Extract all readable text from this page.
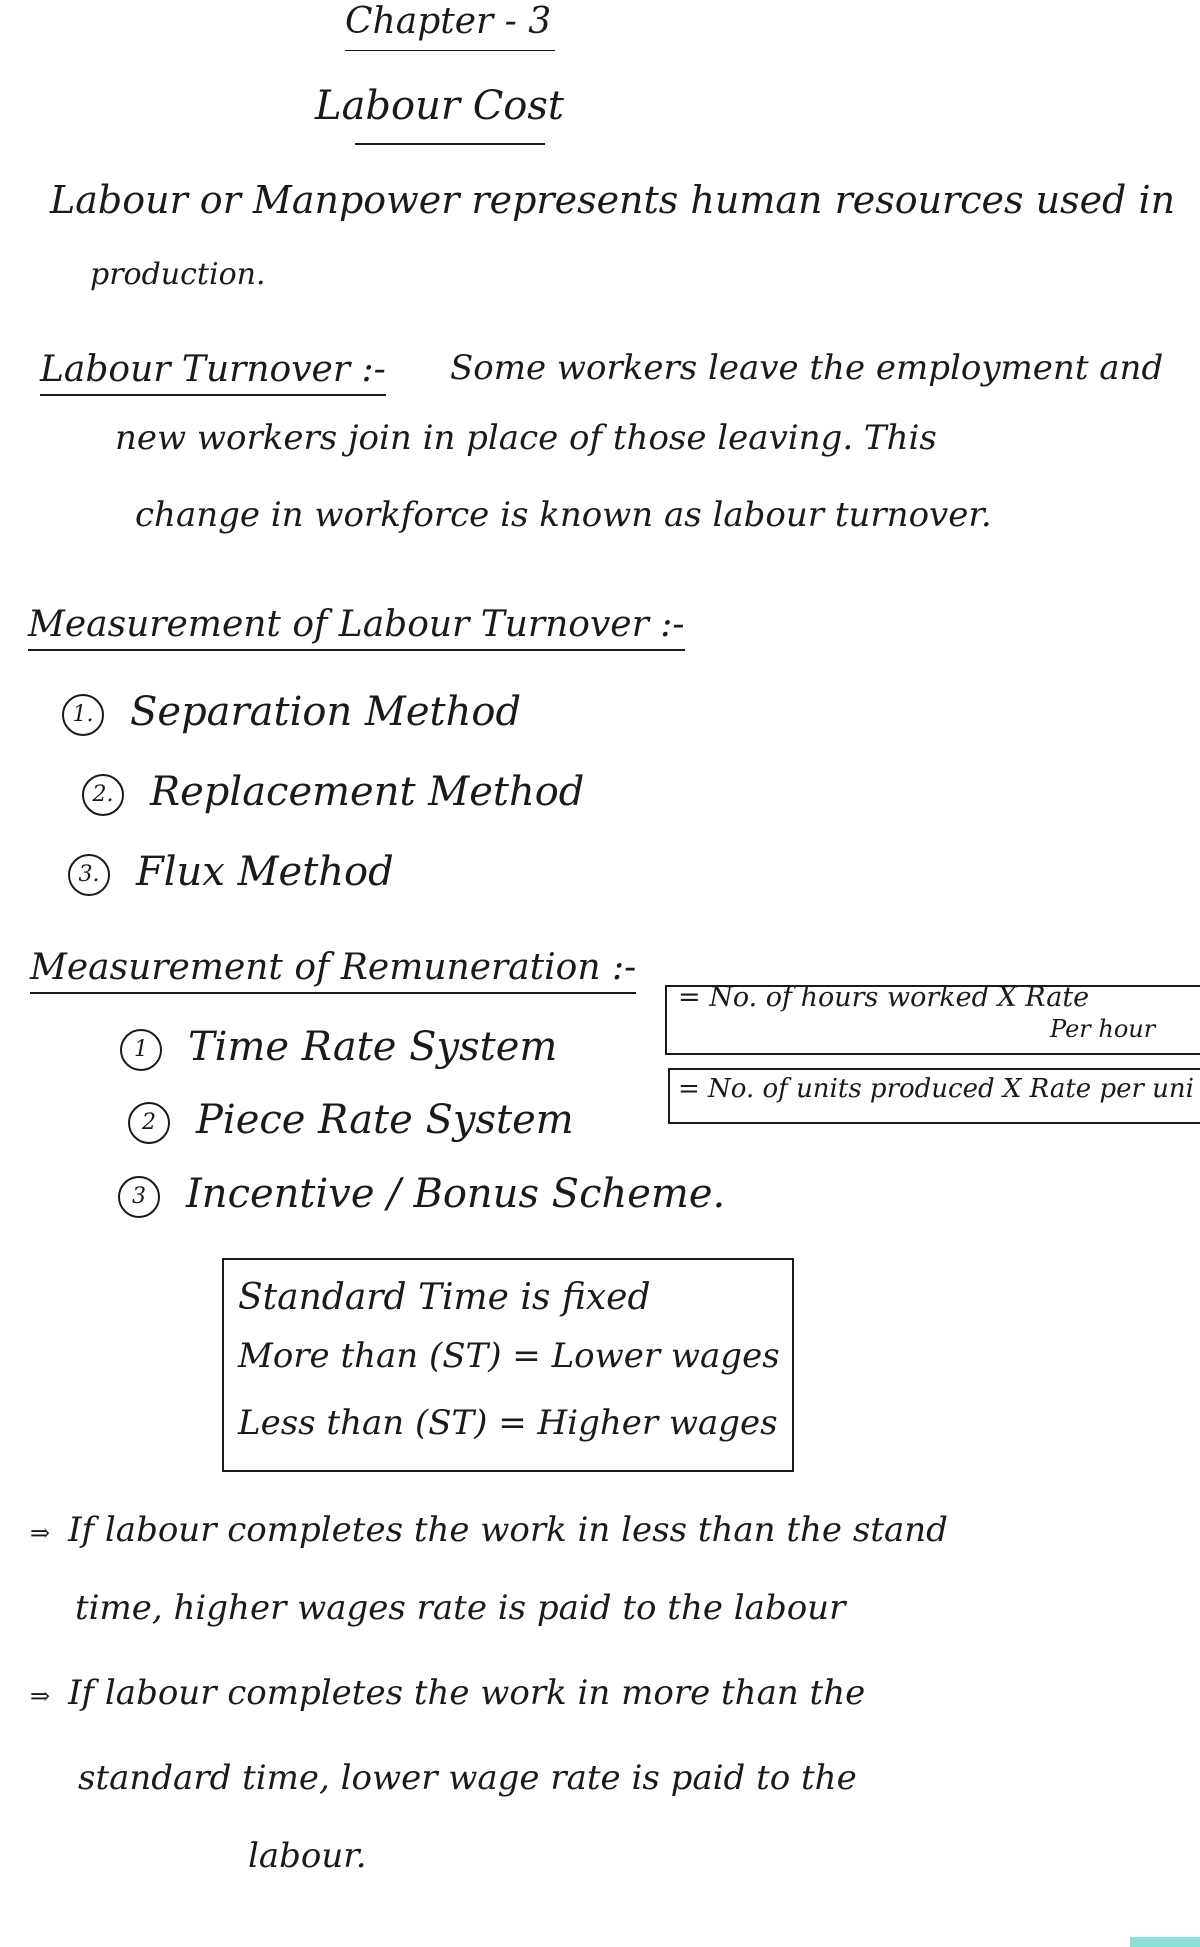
Chapter - 3
Labour Cost
Labour or Manpower represents human resources used in
production.
Labour Turnover :- Some workers leave the employment and
new workers join in place of those leaving. This
change in workforce is known as labour turnover.
Measurement of Labour Turnover :-
1. Separation Method
2. Replacement Method
3. Flux Method
Measurement of Remuneration :-
1 Time Rate System
= No. of hours worked X Rate
Per hour
2 Piece Rate System
= No. of units produced X Rate per uni
3 Incentive / Bonus Scheme.
Standard Time is fixed
More than (ST) = Lower wages
Less than (ST) = Higher wages
⇒ If labour completes the work in less than the stand
time, higher wages rate is paid to the labour
⇒ If labour completes the work in more than the
standard time, lower wage rate is paid to the
labour.
